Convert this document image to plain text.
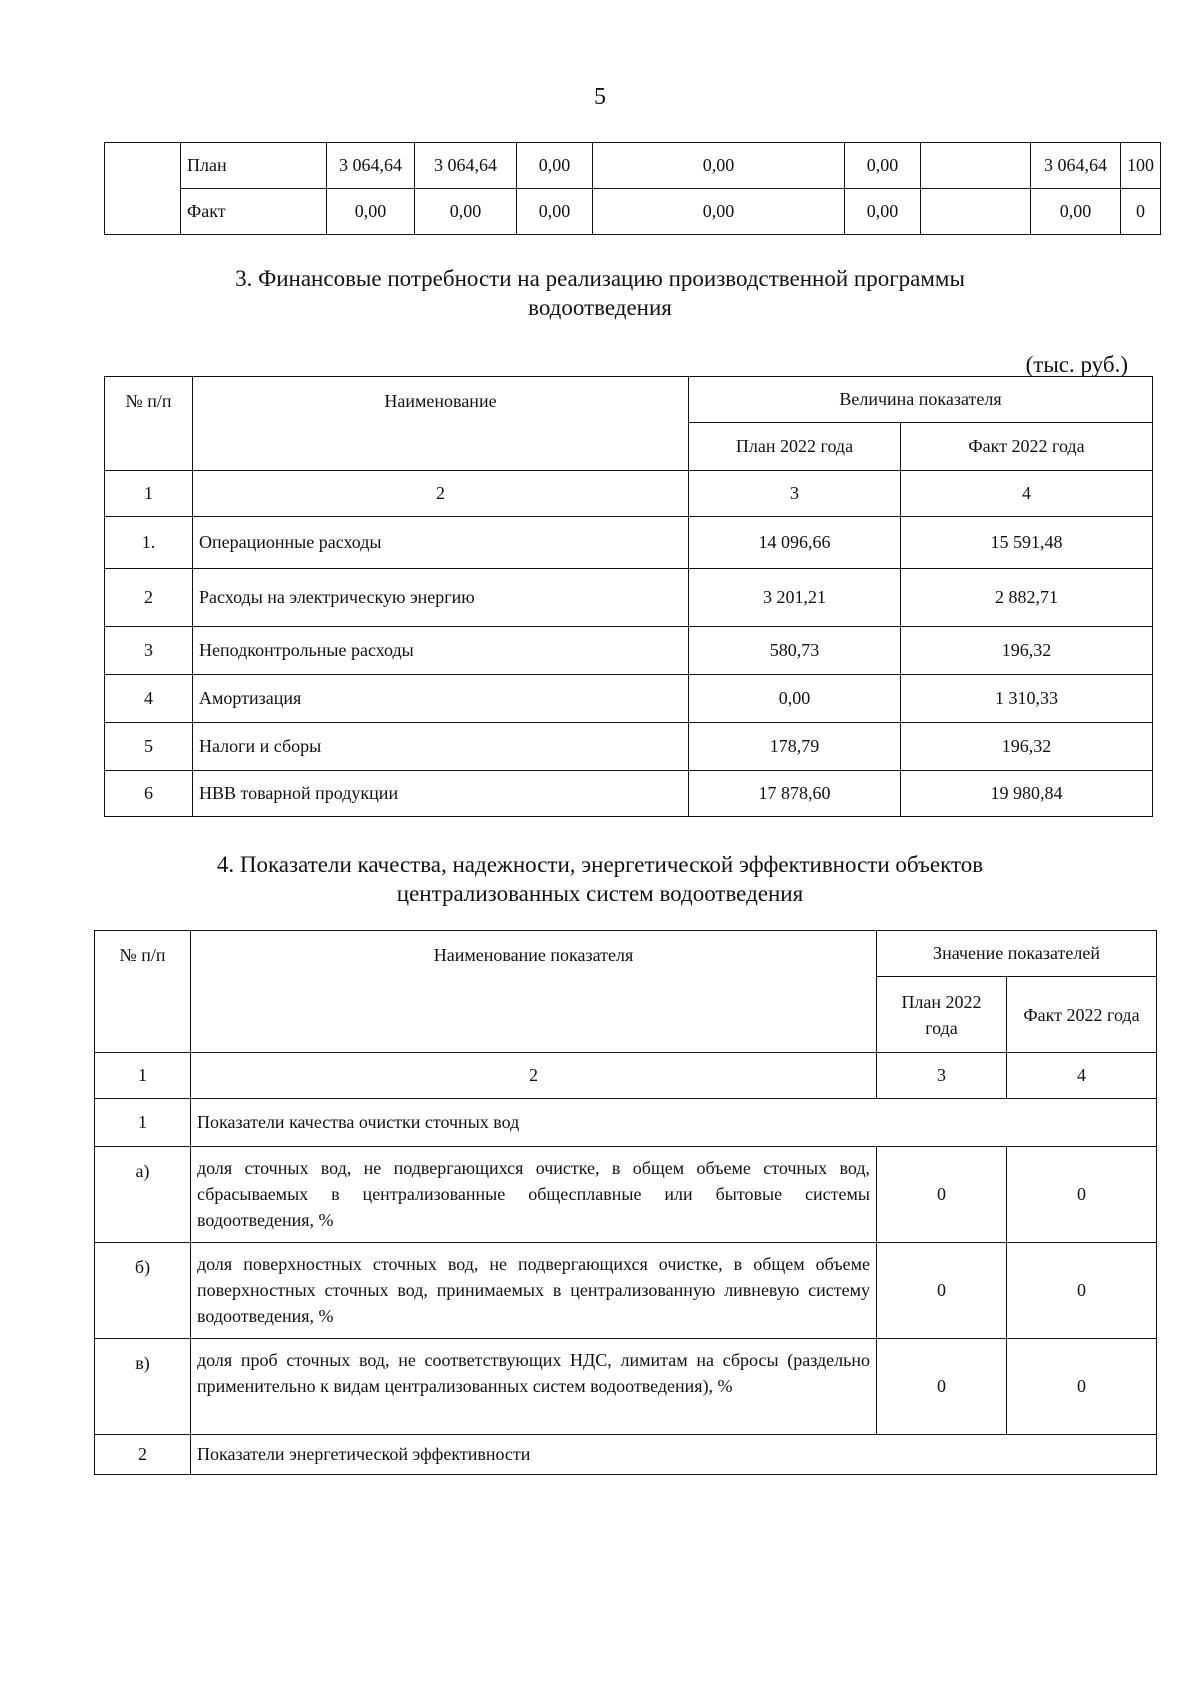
5
	План	3 064,64	3 064,64	0,00	0,00	0,00		3 064,64	100
	Факт	0,00	0,00	0,00	0,00	0,00		0,00	0
3. Финансовые потребности на реализацию производственной программы
водоотведения
(тыс. руб.)
№ п/п	Наименование	Величина показателя	
		План 2022 года	Факт 2022 года
1	2	3	4
1.	Операционные расходы	14 096,66	15 591,48
2	Расходы на электрическую энергию	3 201,21	2 882,71
3	Неподконтрольные расходы	580,73	196,32
4	Амортизация	0,00	1 310,33
5	Налоги и сборы	178,79	196,32
6	НВВ товарной продукции	17 878,60	19 980,84
4. Показатели качества, надежности, энергетической эффективности объектов
централизованных систем водоотведения
№ п/п	Наименование показателя	Значение показателей	
		План 2022 года	Факт 2022 года
1	2	3	4
1	Показатели качества очистки сточных вод		
а)	доля сточных вод, не подвергающихся очистке, в общем объеме сточных вод, сбрасываемых в централизованные общесплавные или бытовые системы водоотведения, %	0	0
б)	доля поверхностных сточных вод, не подвергающихся очистке, в общем объеме поверхностных сточных вод, принимаемых в централизованную ливневую систему водоотведения, %	0	0
в)	доля проб сточных вод, не соответствующих НДС, лимитам на сбросы (раздельно применительно к видам централизованных систем водоотведения), %	0	0
2	Показатели энергетической эффективности		
